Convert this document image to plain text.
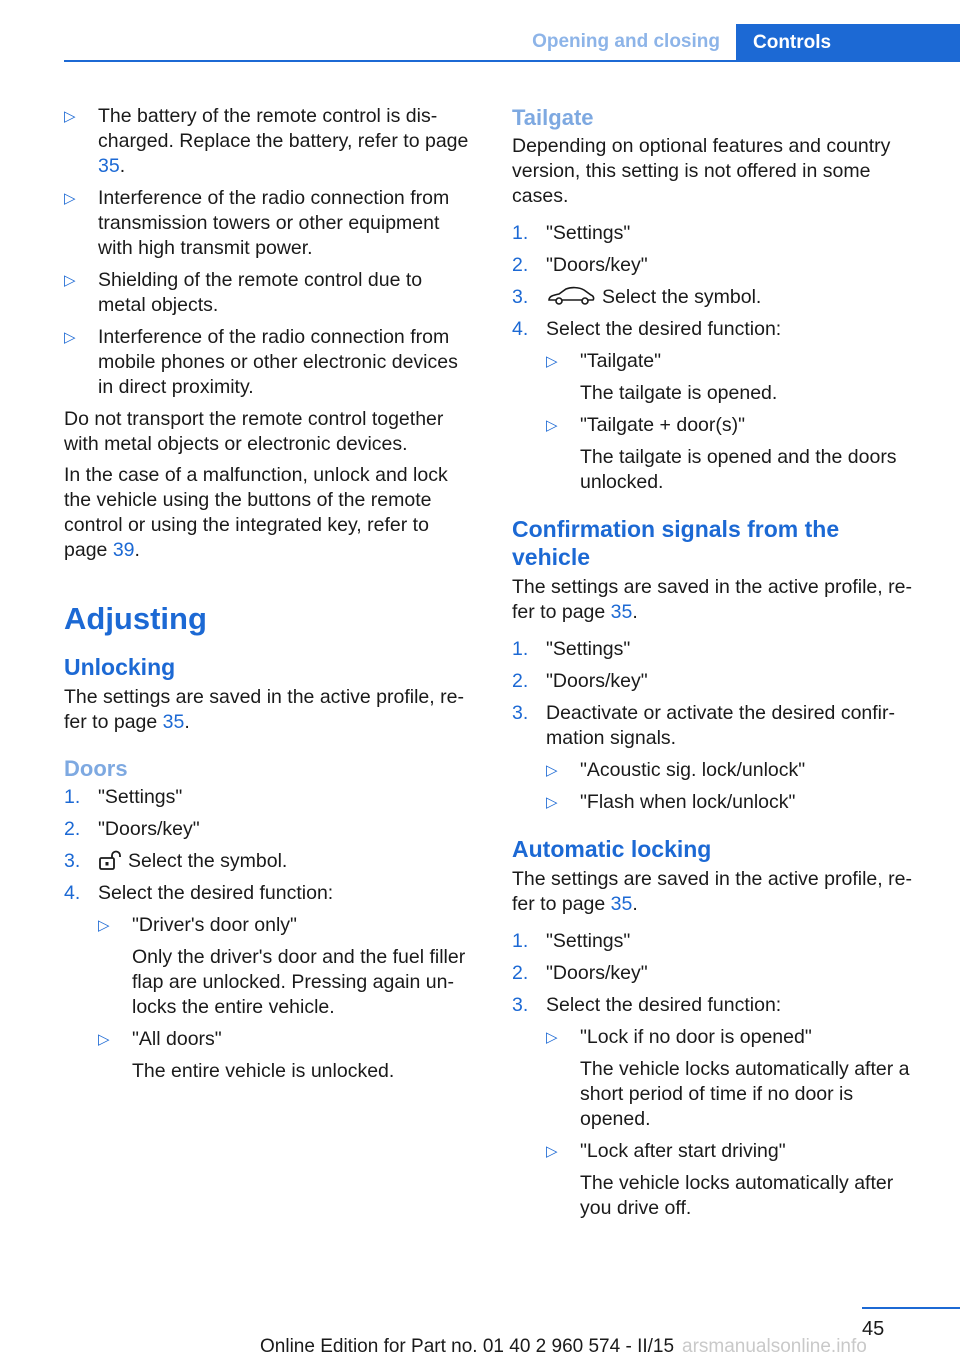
Opening and closing	Controls
▷	The battery of the remote control is dis‐charged. Replace the battery, refer to page 35.
▷	Interference of the radio connection from transmission towers or other equipment with high transmit power.
▷	Shielding of the remote control due to metal objects.
▷	Interference of the radio connection from mobile phones or other electronic devices in direct proximity.

Do not transport the remote control together with metal objects or electronic devices.

In the case of a malfunction, unlock and lock the vehicle using the buttons of the remote control or using the integrated key, refer to page 39.

Adjusting
Unlocking

The settings are saved in the active profile, re‐fer to page 35.

Doors
1. "Settings"
2. "Doors/key"
3.	Select the symbol.
4. Select the desired function:
▷	"Driver's door only"
Only the driver's door and the fuel filler flap are unlocked. Pressing again un‐locks the entire vehicle.
▷	"All doors"
The entire vehicle is unlocked.
Tailgate

Depending on optional features and country version, this setting is not offered in some cases.

1. "Settings"
2. "Doors/key"
3.	Select the symbol.
4. Select the desired function:
▷	"Tailgate"
The tailgate is opened.
▷	"Tailgate + door(s)"
The tailgate is opened and the doors unlocked.
Confirmation signals from the vehicle

The settings are saved in the active profile, re‐fer to page 35.

1. "Settings"
2. "Doors/key"
3. Deactivate or activate the desired confir‐mation signals.
▷	"Acoustic sig. lock/unlock"
▷	"Flash when lock/unlock"
Automatic locking

The settings are saved in the active profile, re‐fer to page 35.

1. "Settings"
2. "Doors/key"
3. Select the desired function:
▷	"Lock if no door is opened"
The vehicle locks automatically after a short period of time if no door is opened.
▷	"Lock after start driving"
The vehicle locks automatically after you drive off.
45
arsmanualsonline.info
Online Edition for Part no. 01 40 2 960 574 - II/15
